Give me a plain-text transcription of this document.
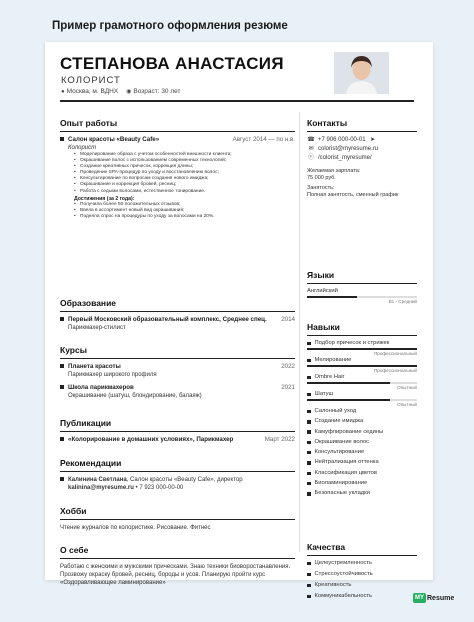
Пример грамотного оформления резюме
СТЕПАНОВА АНАСТАСИЯ
КОЛОРИСТ
● Москва, м. ВДНХ ◉ Возраст: 30 лет
Опыт работы
Салон красоты «Beauty Cafe»	Август 2014 — по н.в.
Колорист
• Моделирование образа с учетом особенностей внешности клиента;
• Окрашивание волос с использованием современных технологий;
• Создание креативных причесок, коррекция длины;
• Проведение SPA-процедур по уходу и восстановлению волос;
• Консультирование по вопросам создания нового имиджа;
• Окрашивание и коррекция бровей, ресниц;
• Работа с седыми волосами, естественное тонирование.
Достижения (за 2 года):
• Получила более 50 положительных отзывов;
• Ввела в ассортимент новый вид окрашивания;
• Подняла спрос на процедуры по уходу за волосами на 20%.
Образование
Первый Московский образовательный комплекс, Среднее спец. 2014
Парикмахер-стилист
Курсы
Планета красоты	2022
Парикмахер широкого профиля
Школа парикмахеров	2021
Окрашивание (шатуш, блондирование, балаяж)
Публикации
«Колорирование в домашних условиях», Парикмахер	Март 2022
Рекомендации
Калинина Светлана, Салон красоты «Beauty Cafe», директор
kalinina@myresume.ru • 7 923 000-00-00
Хобби
Чтение журналов по колористике. Рисование. Фитнес
О себе
Работаю с женскими и мужскими прическами. Знаю техники биоворостанавления. Прозвожу окраску бровей, ресниц, бороды и усов. Планирую пройти курс «Оздоравливающее ламинирование»
Контакты
☎ +7 906 000-00-01 ➤
✉ colorist@myresume.ru
ⓥ /colorist_myresume/
Желаемая зарплата:
75 000 руб.
Занятость:
Полная занятость, сменный график
Языки
Английский
B1 - Средний
Навыки
Подбор причесок и стрижек
Профессиональный
Мелирование
Профессиональный
Ombre Hair
Опытный
Шатуш
Опытный
Салонный уход
Создание имиджа
Камуфлирование седины
Окрашивание волос
Консультирование
Нейтрализация оттенка
Классификация цветов
Биоламинирование
Безопасные укладки
Качества
Целеустремленность
Стрессоустойчивость
Креативность
Коммуникабельность	MY Resume
